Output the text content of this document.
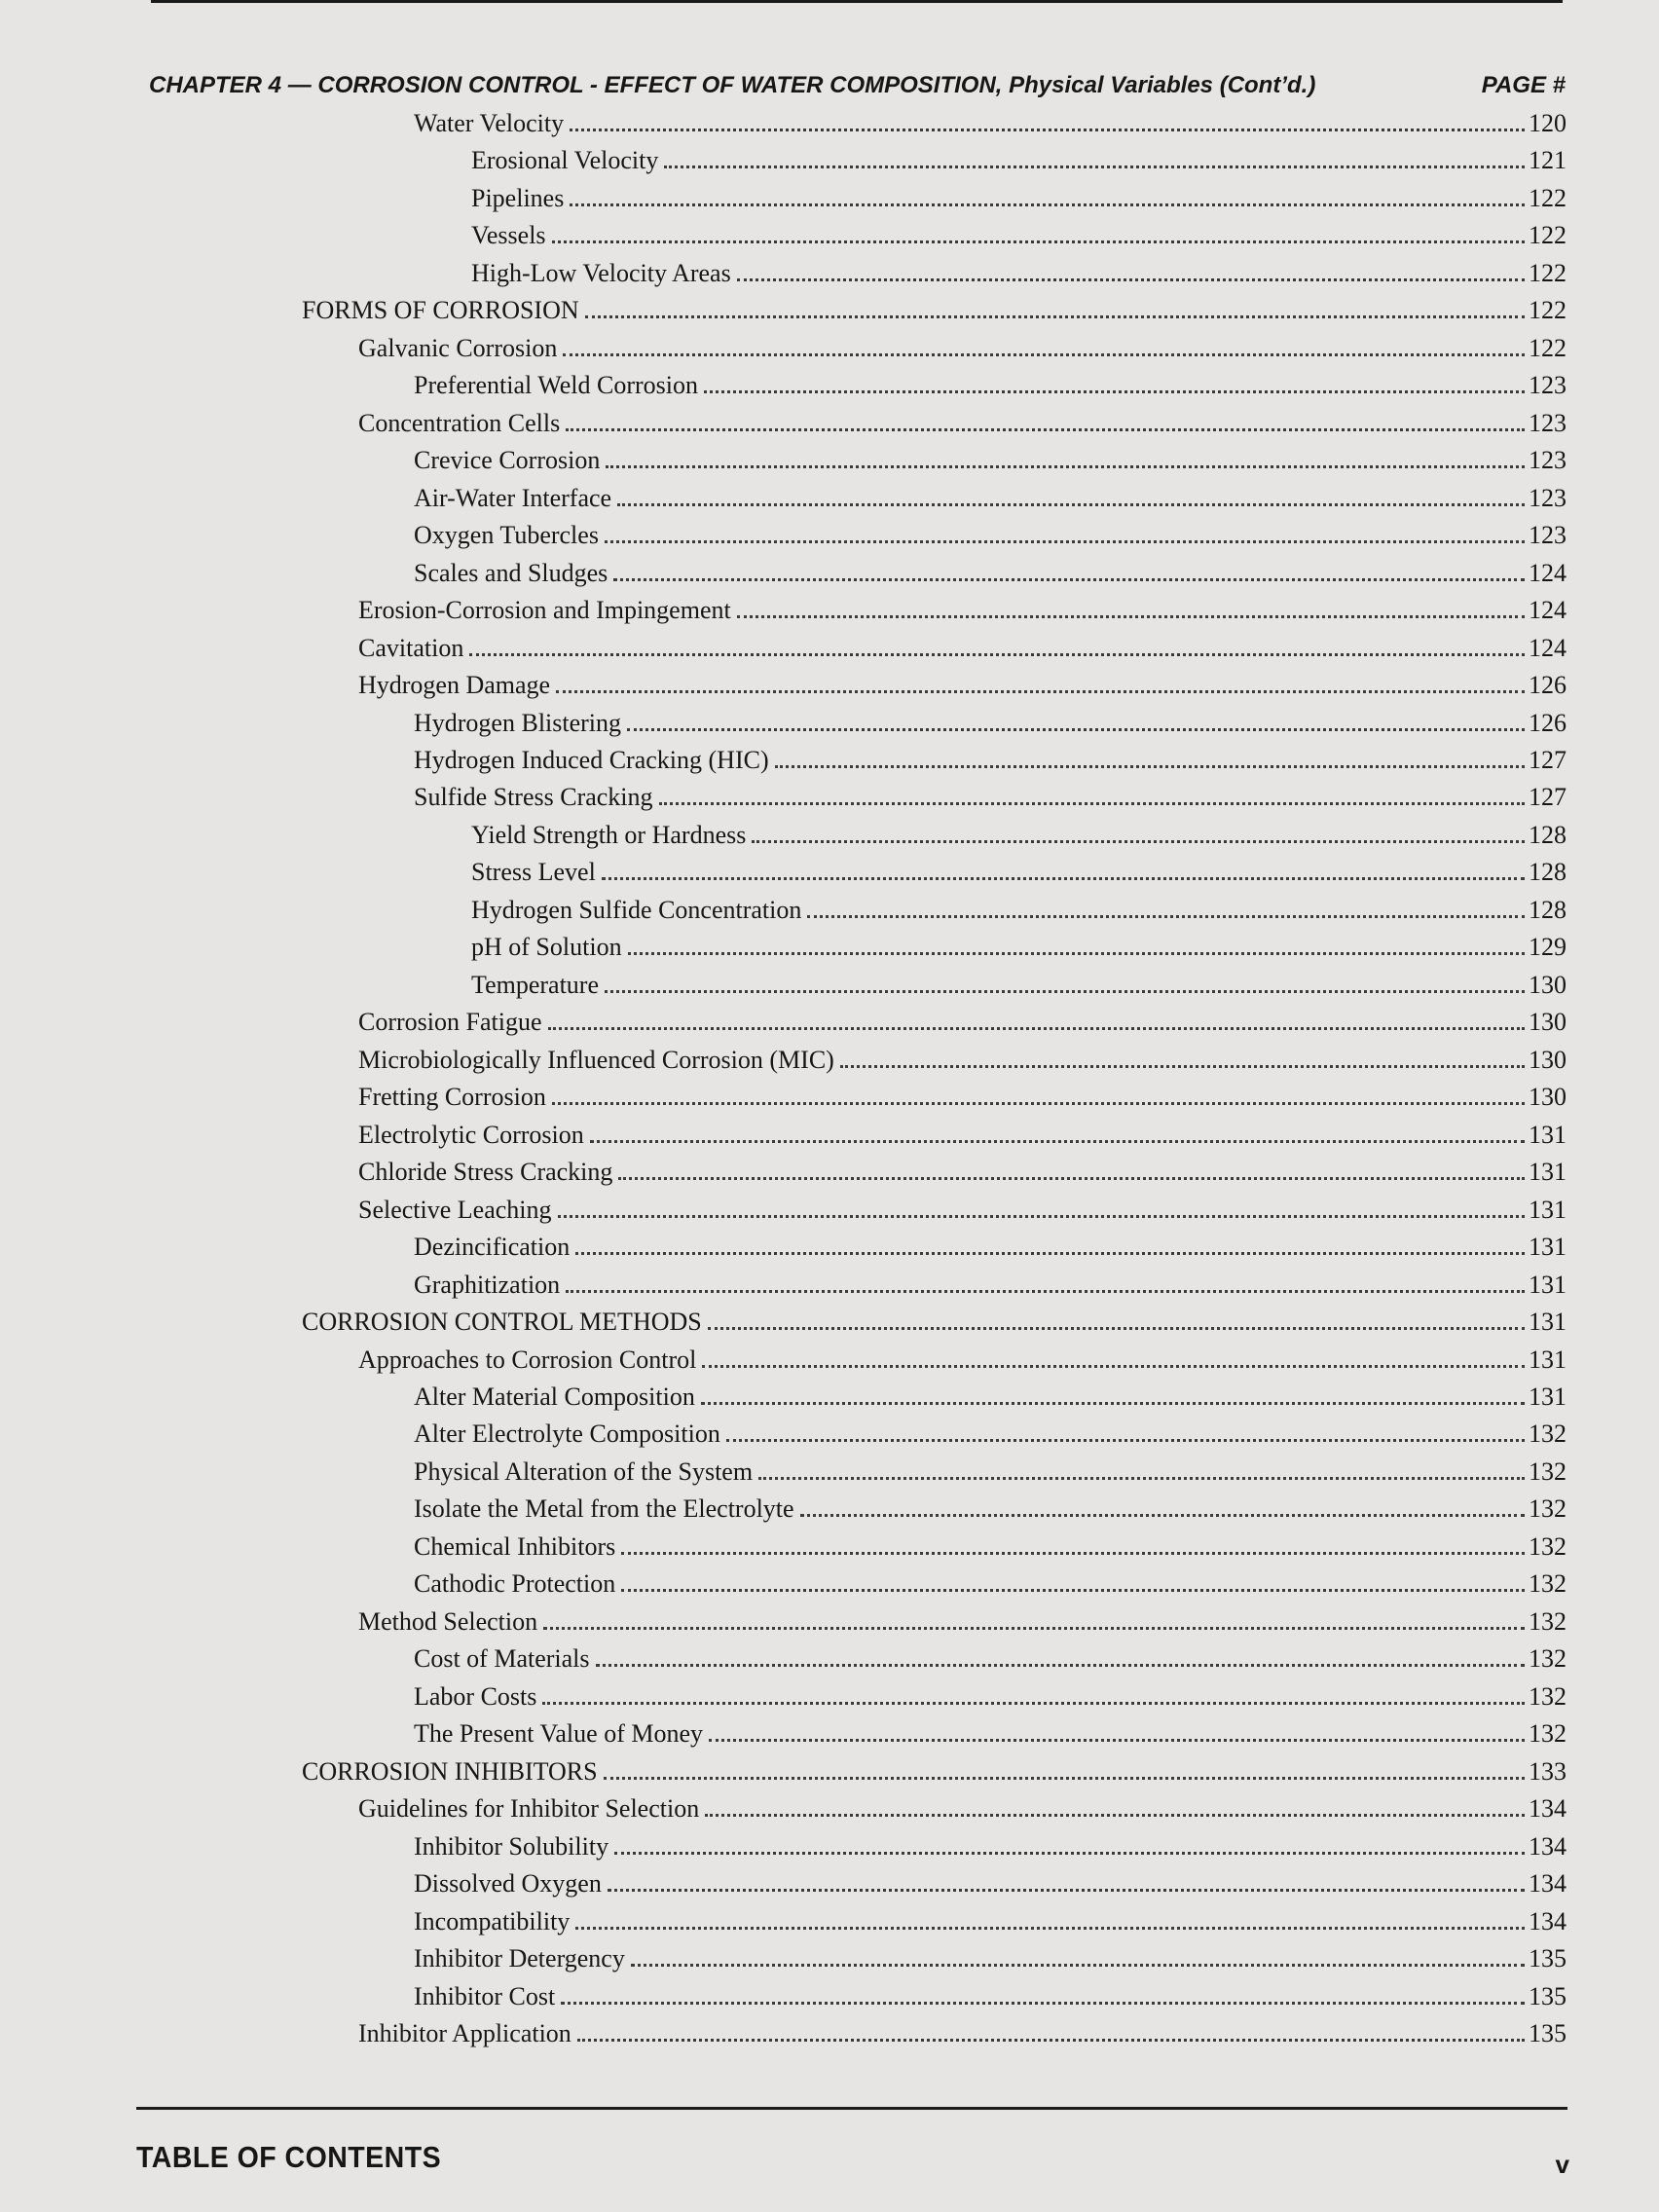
CHAPTER 4 — CORROSION CONTROL - EFFECT OF WATER COMPOSITION, Physical Variables (Cont’d.)	PAGE #
Water Velocity	120
Erosional Velocity	121
Pipelines	122
Vessels	122
High-Low Velocity Areas	122
FORMS OF CORROSION	122
Galvanic Corrosion	122
Preferential Weld Corrosion	123
Concentration Cells	123
Crevice Corrosion	123
Air-Water Interface	123
Oxygen Tubercles	123
Scales and Sludges	124
Erosion-Corrosion and Impingement	124
Cavitation	124
Hydrogen Damage	126
Hydrogen Blistering	126
Hydrogen Induced Cracking (HIC)	127
Sulfide Stress Cracking	127
Yield Strength or Hardness	128
Stress Level	128
Hydrogen Sulfide Concentration	128
pH of Solution	129
Temperature	130
Corrosion Fatigue	130
Microbiologically Influenced Corrosion (MIC)	130
Fretting Corrosion	130
Electrolytic Corrosion	131
Chloride Stress Cracking	131
Selective Leaching	131
Dezincification	131
Graphitization	131
CORROSION CONTROL METHODS	131
Approaches to Corrosion Control	131
Alter Material Composition	131
Alter Electrolyte Composition	132
Physical Alteration of the System	132
Isolate the Metal from the Electrolyte	132
Chemical Inhibitors	132
Cathodic Protection	132
Method Selection	132
Cost of Materials	132
Labor Costs	132
The Present Value of Money	132
CORROSION INHIBITORS	133
Guidelines for Inhibitor Selection	134
Inhibitor Solubility	134
Dissolved Oxygen	134
Incompatibility	134
Inhibitor Detergency	135
Inhibitor Cost	135
Inhibitor Application	135
TABLE OF CONTENTS	v
